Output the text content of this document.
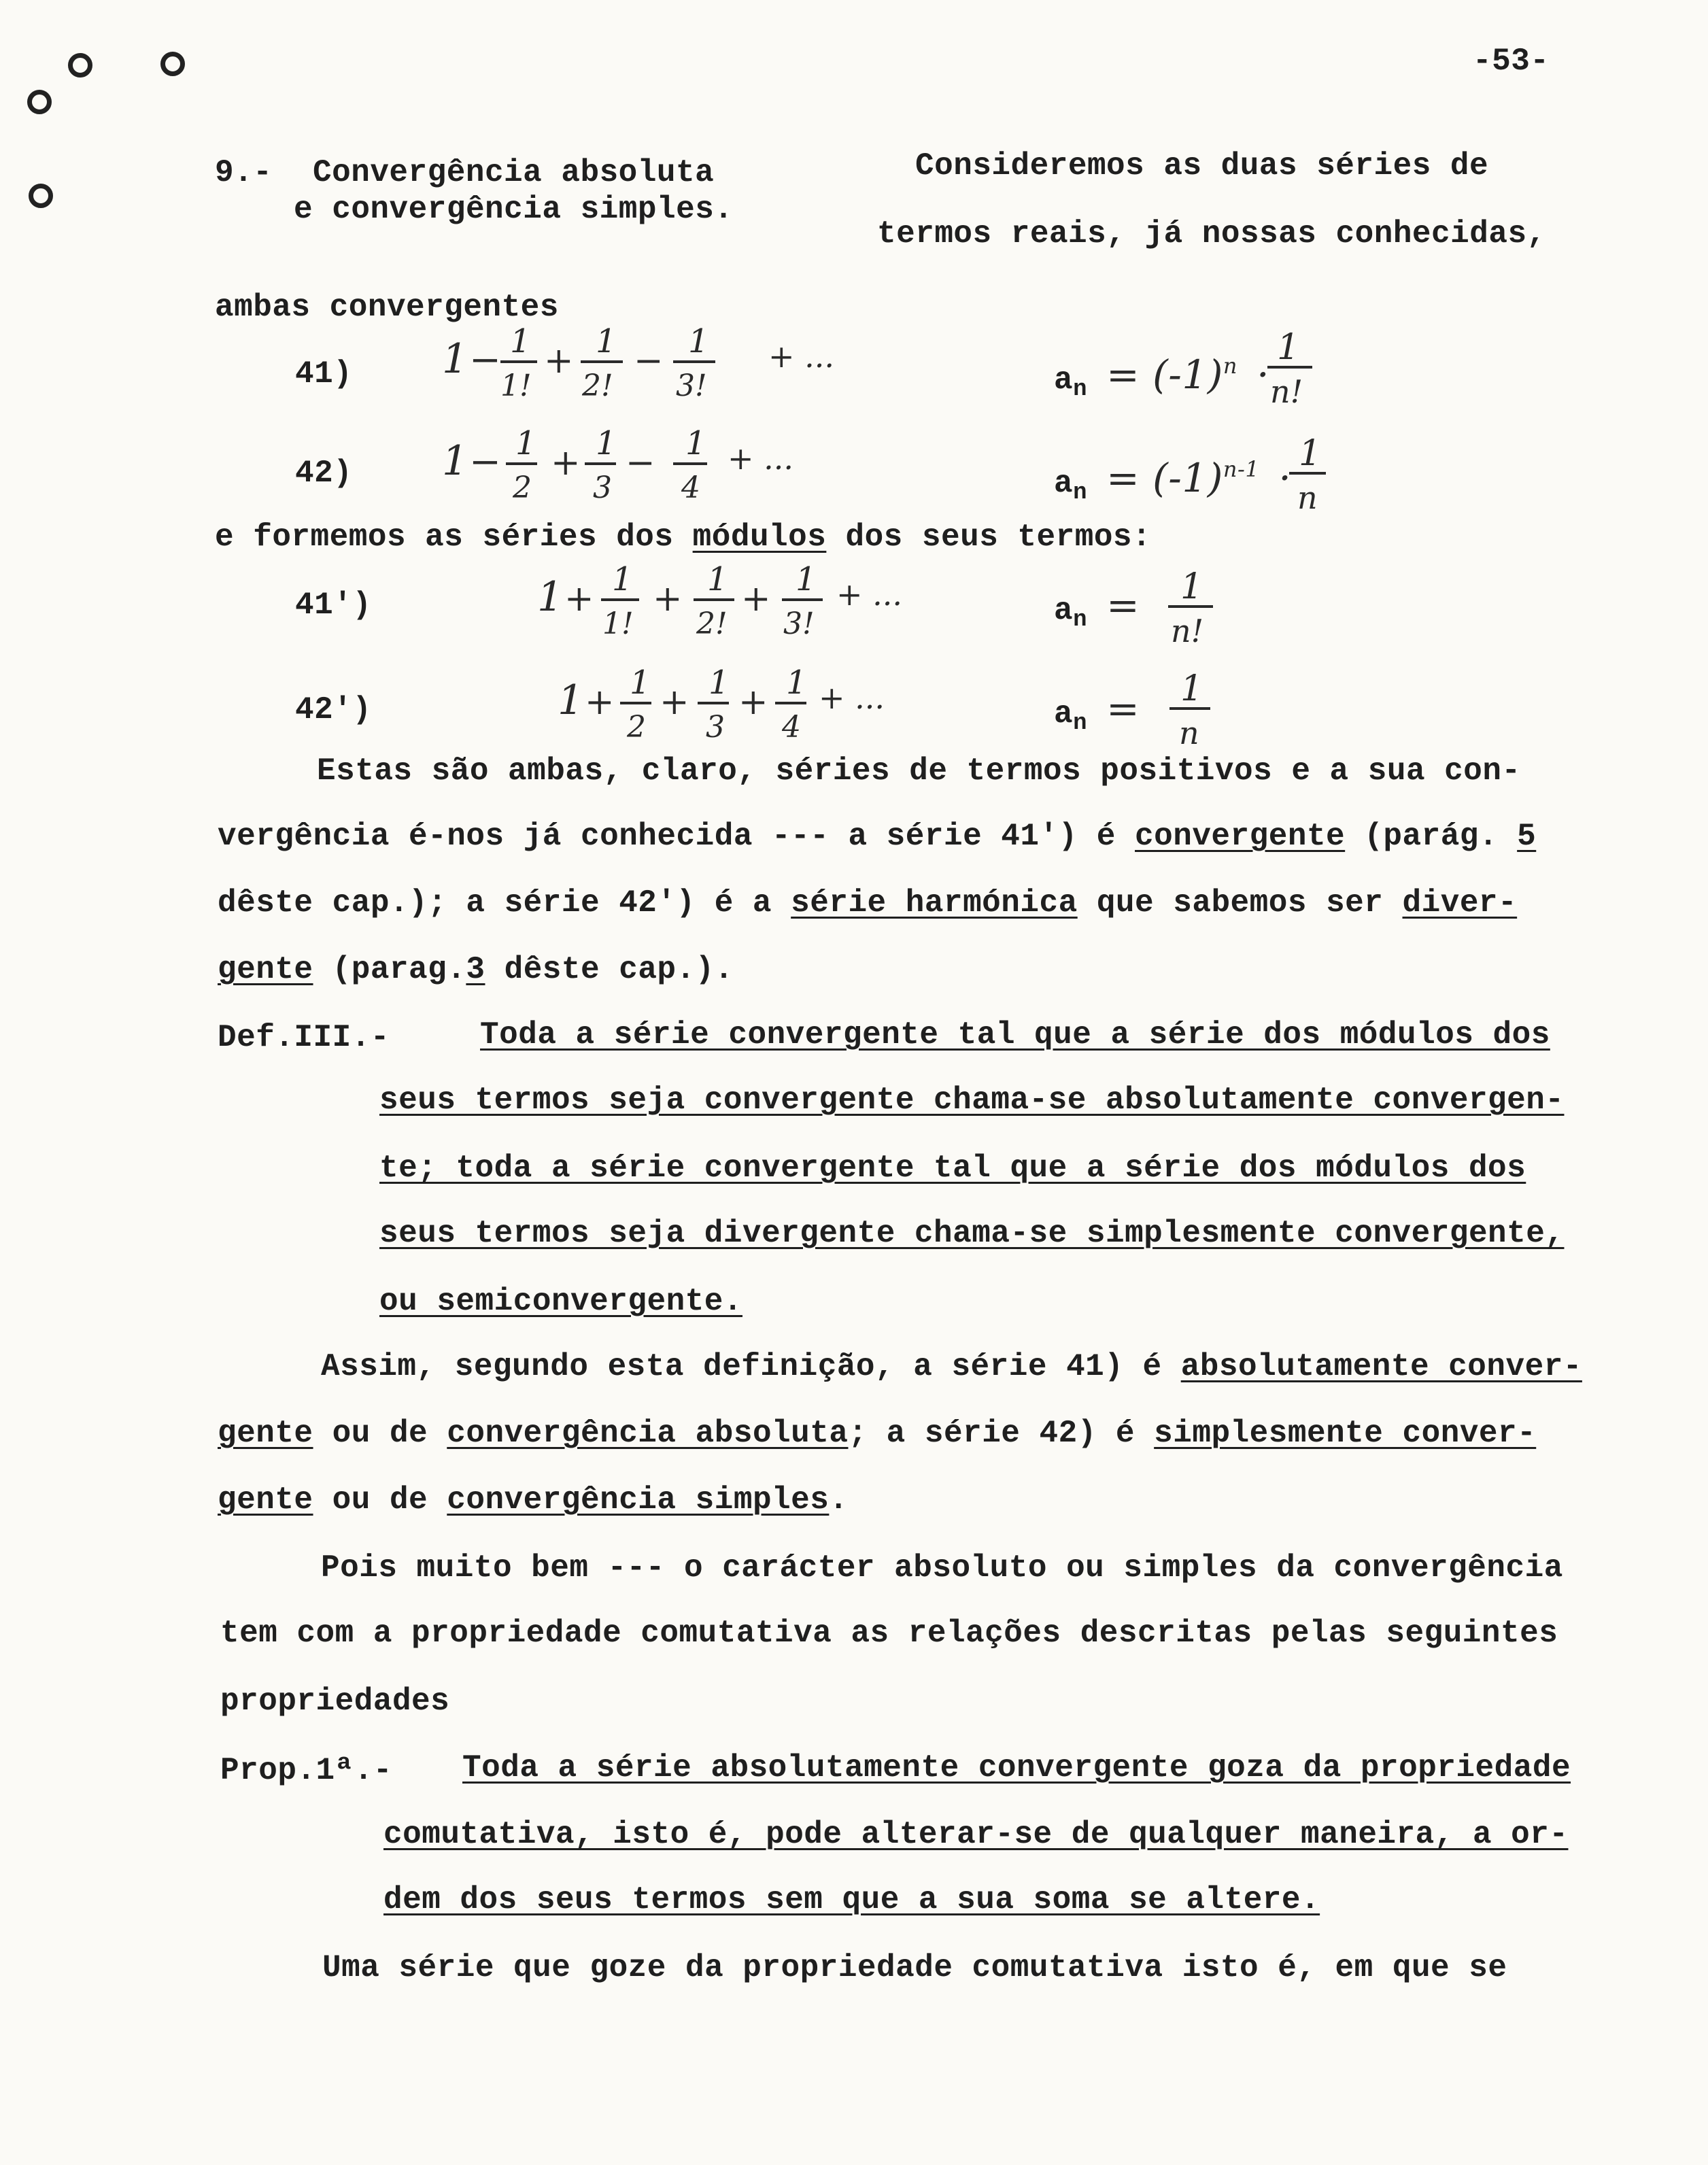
-53-
9.- Convergência absoluta
e convergência simples.
Consideremos as duas séries de
termos reais, já nossas conhecidas,
ambas convergentes
41) 1 − 1
1!
+ 1
2!
− 1
3!
+ ...
$a_n = (-1)^n$ ·
1
n!
42) 1 − 1
2
+ 1
3
− 1
4
+ ...
$a_n = (-1)^{n-1}$ ·
1
n
e formemos as séries dos módulos dos seus termos:
41')	1 + 1
1!
+ 1
2!
+ 1
3!
+ ...	$a_n = 1$
n!
42')	1 + 1
2
+ 1
3
+ 1
4
+ ...	$a_n = 1$
n
Estas são ambas, claro, séries de termos positivos e a sua con-
vergência é-nos já conhecida --- a série 41') é convergente (parág. 5
dêste cap.); a série 42') é a série harmónica que sabemos ser diver-
gente (parag.3 dêste cap.).
Def.III.-	Toda a série convergente tal que a série dos módulos dos
seus termos seja convergente chama-se absolutamente convergen-
te; toda a série convergente tal que a série dos módulos dos
seus termos seja divergente chama-se simplesmente convergente,
ou semiconvergente.
Assim, segundo esta definição, a série 41) é absolutamente conver-
gente ou de convergência absoluta; a série 42) é simplesmente conver-
gente ou de convergência simples.
Pois muito bem --- o carácter absoluto ou simples da convergência
tem com a propriedade comutativa as relações descritas pelas seguintes
propriedades
Prop.1ª.- Toda a série absolutamente convergente goza da propriedade
comutativa, isto é, pode alterar-se de qualquer maneira, a or-
dem dos seus termos sem que a sua soma se altere.
Uma série que goze da propriedade comutativa isto é, em que se
